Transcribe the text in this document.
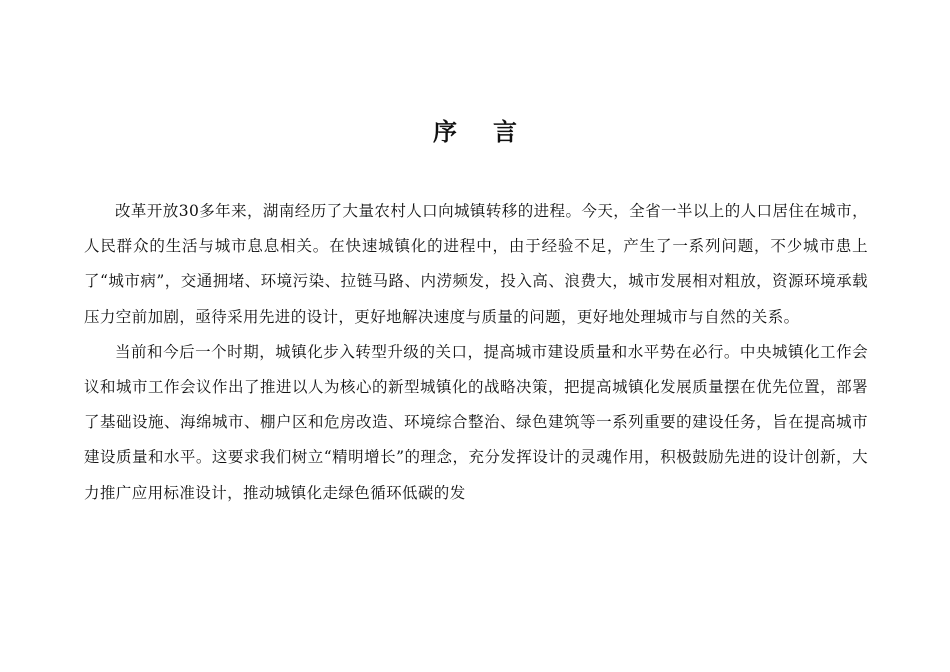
序言

改革开放30多年来，湖南经历了大量农村人口向城镇转移的进程。今天，全省一半以上的人口居住在城市，人民群众的生活与城市息息相关。在快速城镇化的进程中，由于经验不足，产生了一系列问题，不少城市患上了“城市病”，交通拥堵、环境污染、拉链马路、内涝频发，投入高、浪费大，城市发展相对粗放，资源环境承载压力空前加剧，亟待采用先进的设计，更好地解决速度与质量的问题，更好地处理城市与自然的关系。

当前和今后一个时期，城镇化步入转型升级的关口，提高城市建设质量和水平势在必行。中央城镇化工作会议和城市工作会议作出了推进以人为核心的新型城镇化的战略决策，把提高城镇化发展质量摆在优先位置，部署了基础设施、海绵城市、棚户区和危房改造、环境综合整治、绿色建筑等一系列重要的建设任务，旨在提高城市建设质量和水平。这要求我们树立“精明增长”的理念，充分发挥设计的灵魂作用，积极鼓励先进的设计创新，大力推广应用标准设计，推动城镇化走绿色循环低碳的发
